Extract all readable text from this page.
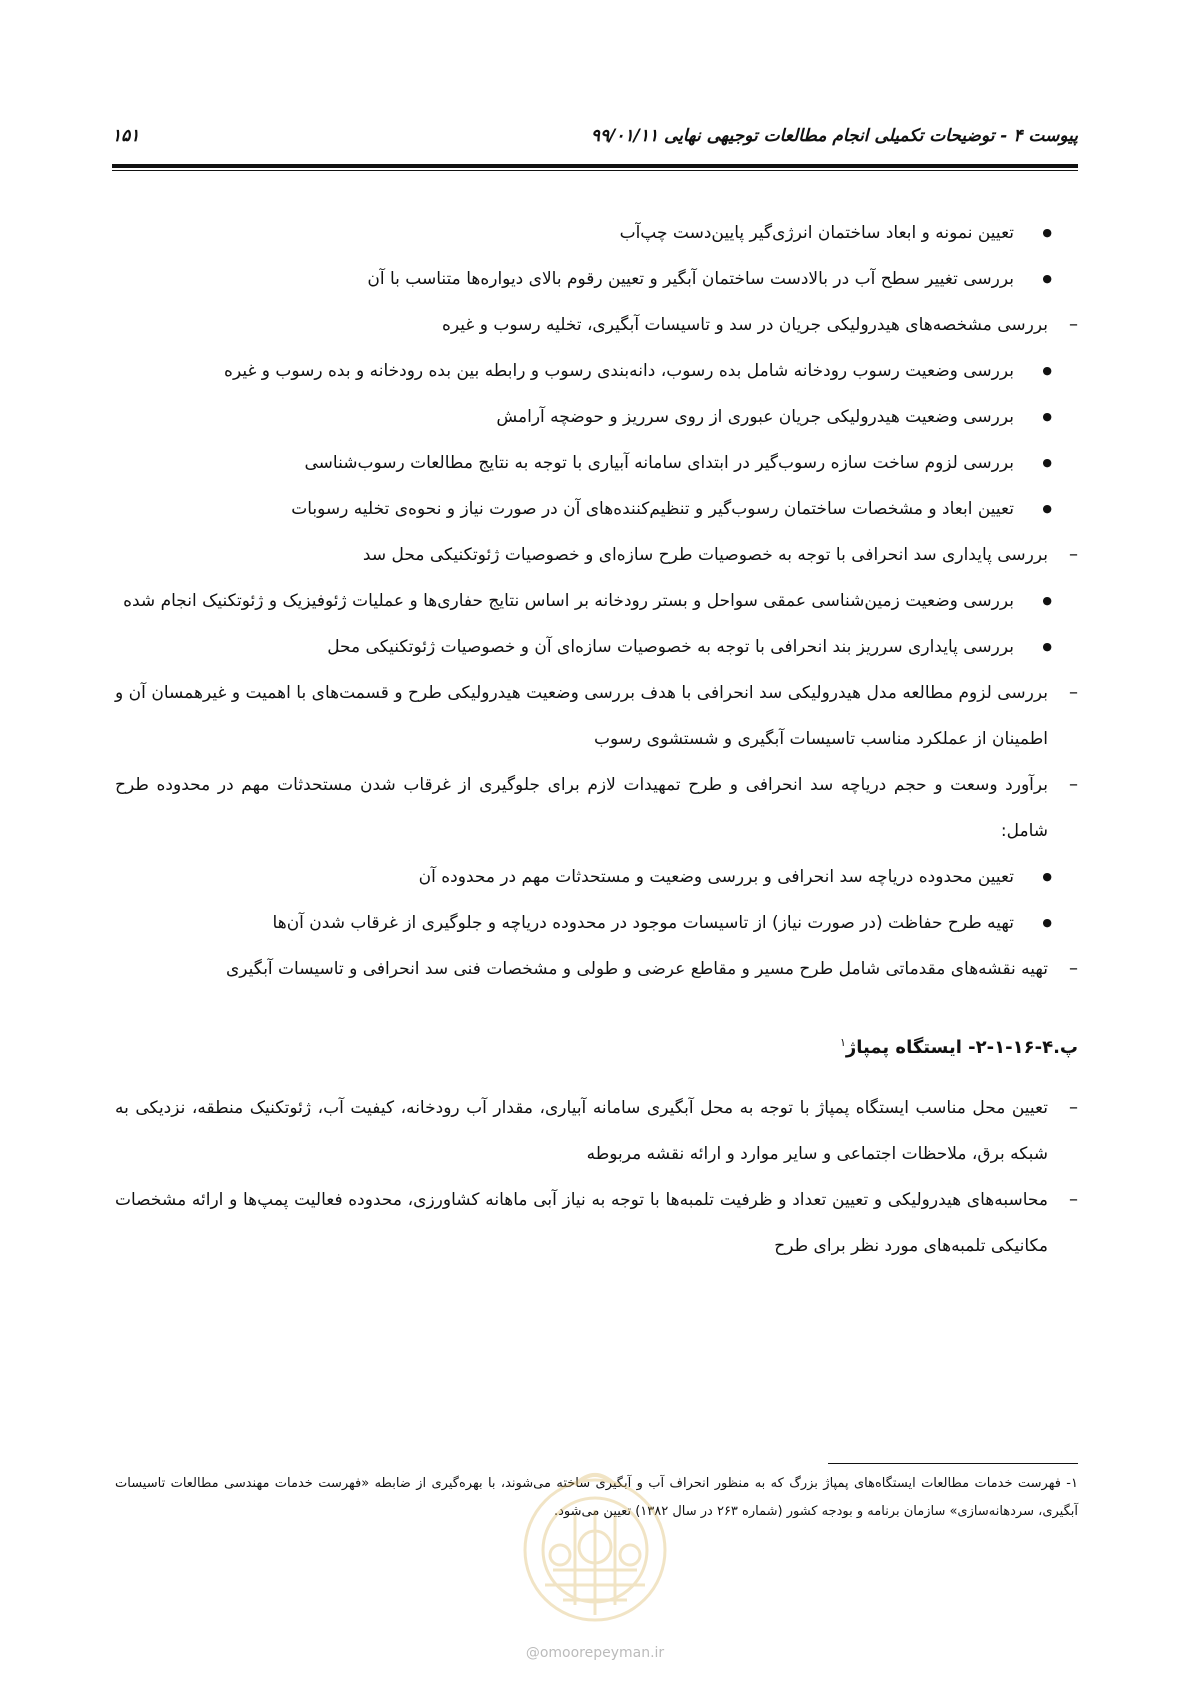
پیوست ۴ - توضیحات تکمیلی انجام مطالعات توجیهی نهایی ۹۹/۰۱/۱۱
۱۵۱
● تعیین نمونه و ابعاد ساختمان انرژی‌گیر پایین‌دست چپ‌آب
● بررسی تغییر سطح آب در بالادست ساختمان آبگیر و تعیین رقوم بالای دیواره‌ها متناسب با آن
– بررسی مشخصه‌های هیدرولیکی جریان در سد و تاسیسات آبگیری، تخلیه رسوب و غیره
● بررسی وضعیت رسوب رودخانه شامل بده رسوب، دانه‌بندی رسوب و رابطه بین بده رودخانه و بده رسوب و غیره
● بررسی وضعیت هیدرولیکی جریان عبوری از روی سرریز و حوضچه آرامش
● بررسی لزوم ساخت سازه رسوب‌گیر در ابتدای سامانه آبیاری با توجه به نتایج مطالعات رسوب‌شناسی
● تعیین ابعاد و مشخصات ساختمان رسوب‌گیر و تنظیم‌کننده‌های آن در صورت نیاز و نحوه‌ی تخلیه رسوبات
– بررسی پایداری سد انحرافی با توجه به خصوصیات طرح سازه‌ای و خصوصیات ژئوتکنیکی محل سد
● بررسی وضعیت زمین‌شناسی عمقی سواحل و بستر رودخانه بر اساس نتایج حفاری‌ها و عملیات ژئوفیزیک و ژئوتکنیک انجام شده
● بررسی پایداری سرریز بند انحرافی با توجه به خصوصیات سازه‌ای آن و خصوصیات ژئوتکنیکی محل
– بررسی لزوم مطالعه مدل هیدرولیکی سد انحرافی با هدف بررسی وضعیت هیدرولیکی طرح و قسمت‌های با اهمیت و غیرهمسان آن و اطمینان از عملکرد مناسب تاسیسات آبگیری و شستشوی رسوب
– برآورد وسعت و حجم دریاچه سد انحرافی و طرح تمهیدات لازم برای جلوگیری از غرقاب شدن مستحدثات مهم در محدوده طرح شامل:
● تعیین محدوده دریاچه سد انحرافی و بررسی وضعیت و مستحدثات مهم در محدوده آن
● تهیه طرح حفاظت (در صورت نیاز) از تاسیسات موجود در محدوده دریاچه و جلوگیری از غرقاب شدن آن‌ها
– تهیه نقشه‌های مقدماتی شامل طرح مسیر و مقاطع عرضی و طولی و مشخصات فنی سد انحرافی و تاسیسات آبگیری
پ.۴-۱۶-۱-۲- ایستگاه پمپاژ$^۱$
– تعیین محل مناسب ایستگاه پمپاژ با توجه به محل آبگیری سامانه آبیاری، مقدار آب رودخانه، کیفیت آب، ژئوتکنیک منطقه، نزدیکی به شبکه برق، ملاحظات اجتماعی و سایر موارد و ارائه نقشه مربوطه
– محاسبه‌های هیدرولیکی و تعیین تعداد و ظرفیت تلمبه‌ها با توجه به نیاز آبی ماهانه کشاورزی، محدوده فعالیت پمپ‌ها و ارائه مشخصات مکانیکی تلمبه‌های مورد نظر برای طرح
۱- فهرست خدمات مطالعات ایستگاه‌های پمپاژ بزرگ که به منظور انحراف آب و آبگیری ساخته می‌شوند، با بهره‌گیری از ضابطه «فهرست خدمات مهندسی مطالعات تاسیسات آبگیری، سردهانه‌سازی» سازمان برنامه و بودجه کشور (شماره ۲۶۳ در سال ۱۳۸۲) تعیین می‌شود.
@omoorepeyman.ir
